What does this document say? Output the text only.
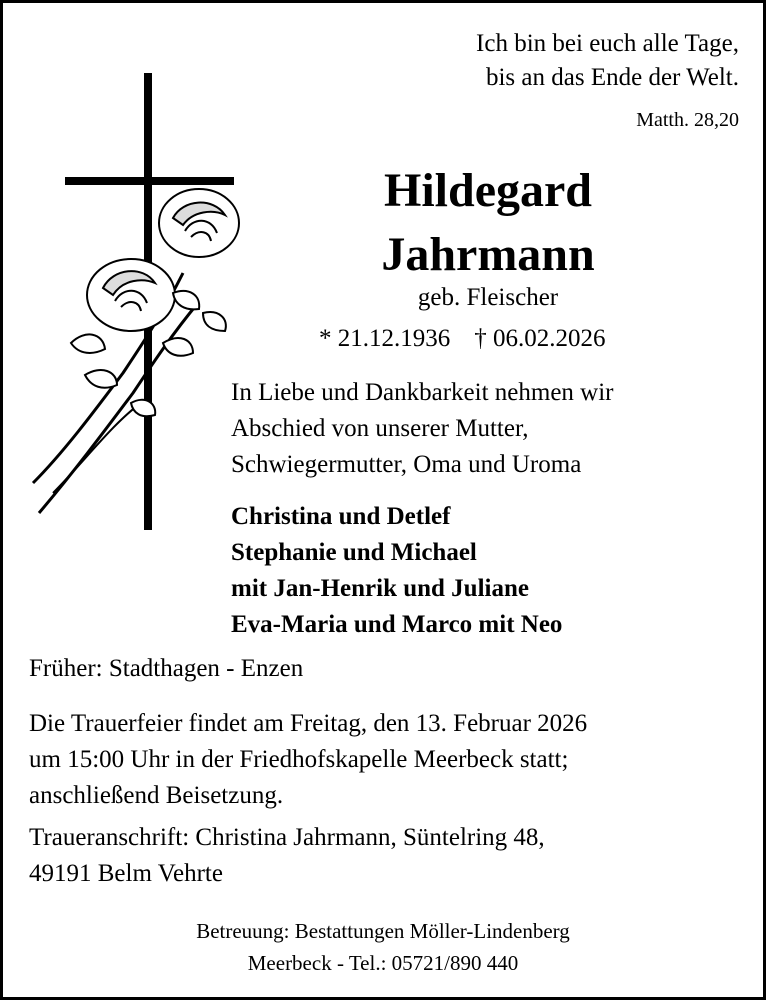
Ich bin bei euch alle Tage,
bis an das Ende der Welt.
Matth. 28,20
Hildegard
Jahrmann
geb. Fleischer
* 21.12.1936 † 06.02.2026
In Liebe und Dankbarkeit nehmen wir
Abschied von unserer Mutter,
Schwiegermutter, Oma und Uroma
Christina und Detlef
Stephanie und Michael
mit Jan-Henrik und Juliane
Eva-Maria und Marco mit Neo
Früher: Stadthagen - Enzen
Die Trauerfeier findet am Freitag, den 13. Februar 2026
um 15:00 Uhr in der Friedhofskapelle Meerbeck statt;
anschließend Beisetzung.
Traueranschrift: Christina Jahrmann, Süntelring 48,
49191 Belm Vehrte
Betreuung: Bestattungen Möller-Lindenberg
Meerbeck - Tel.: 05721/890 440
